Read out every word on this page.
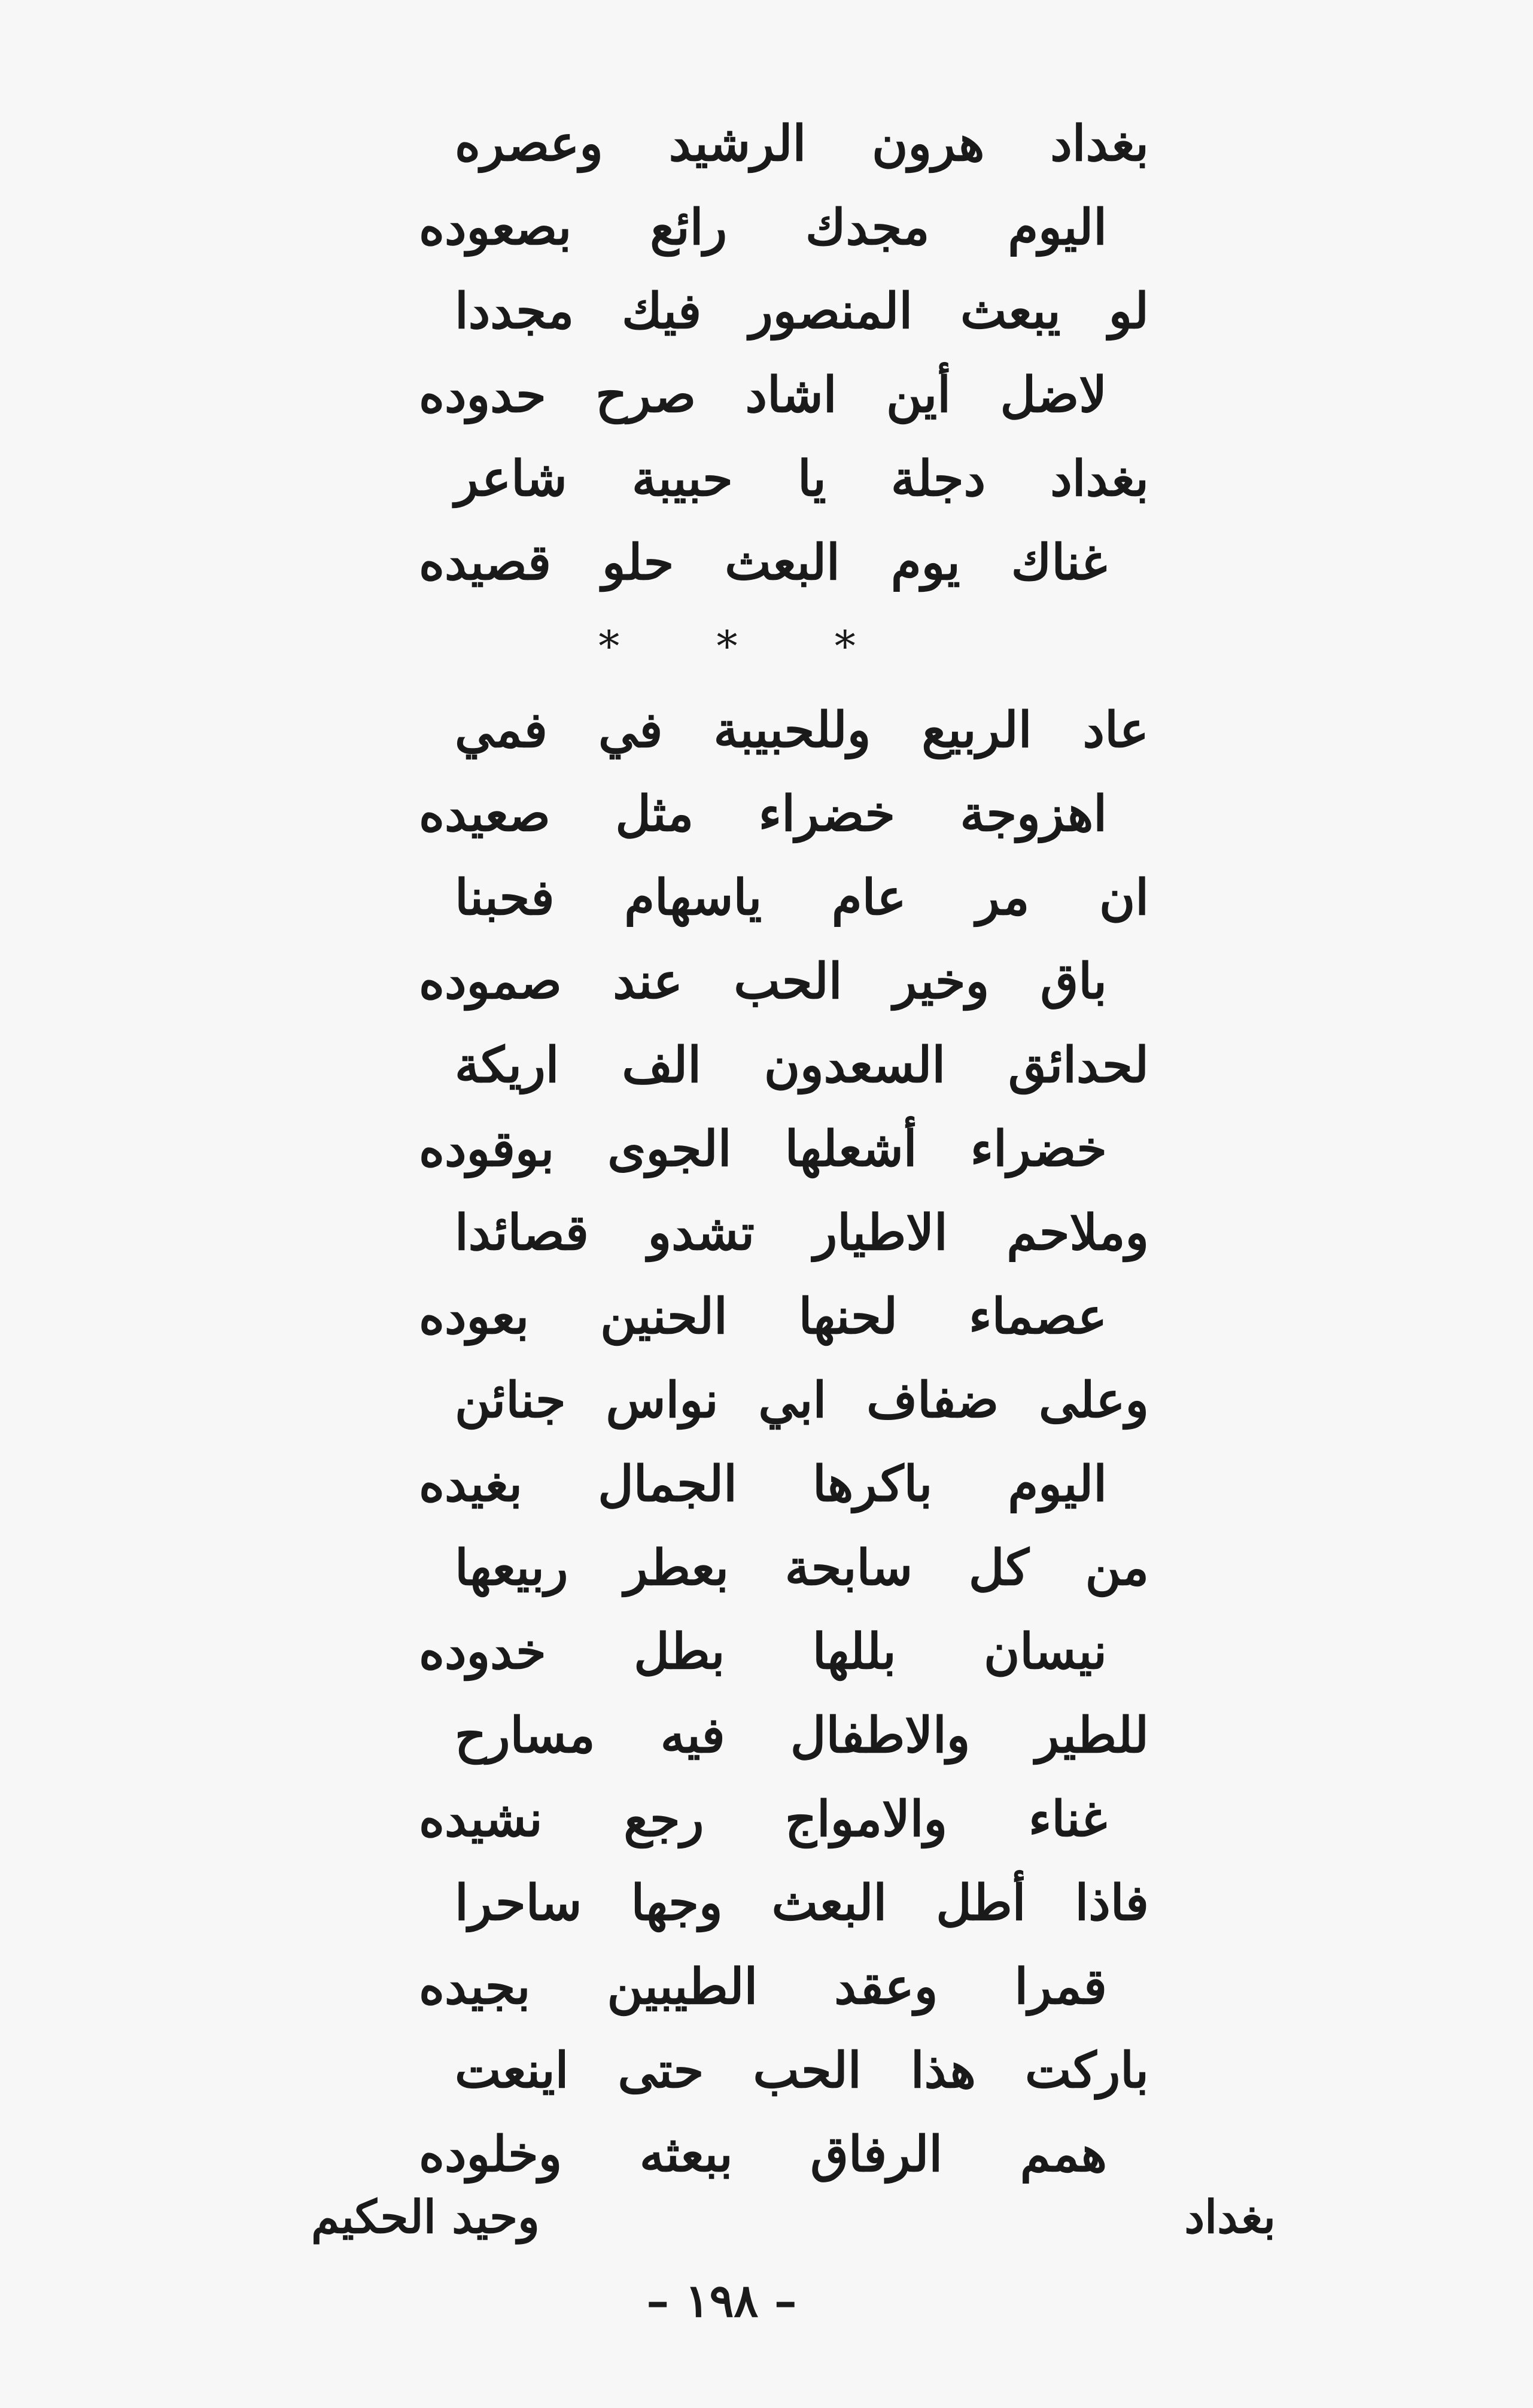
بغداد هرون الرشيد وعصره
اليوم مجدك رائع بصعوده
لو يبعث المنصور فيك مجددا
لاضل أين اشاد صرح حدوده
بغداد دجلة يا حبيبة شاعر
غناك يوم البعث حلو قصيده
* * *
عاد الربيع وللحبيبة في فمي
اهزوجة خضراء مثل صعيده
ان مر عام ياسهام فحبنا
باق وخير الحب عند صموده
لحدائق السعدون الف اريكة
خضراء أشعلها الجوى بوقوده
وملاحم الاطيار تشدو قصائدا
عصماء لحنها الحنين بعوده
وعلى ضفاف ابي نواس جنائن
اليوم باكرها الجمال بغيده
من كل سابحة بعطر ربيعها
نيسان بللها بطل خدوده
للطير والاطفال فيه مسارح
غناء والامواج رجع نشيده
فاذا أطل البعث وجها ساحرا
قمرا وعقد الطيبين بجيده
باركت هذا الحب حتى اينعت
همم الرفاق ببعثه وخلوده
بغداد
وحيد الحكيم
– ١٩٨ –
